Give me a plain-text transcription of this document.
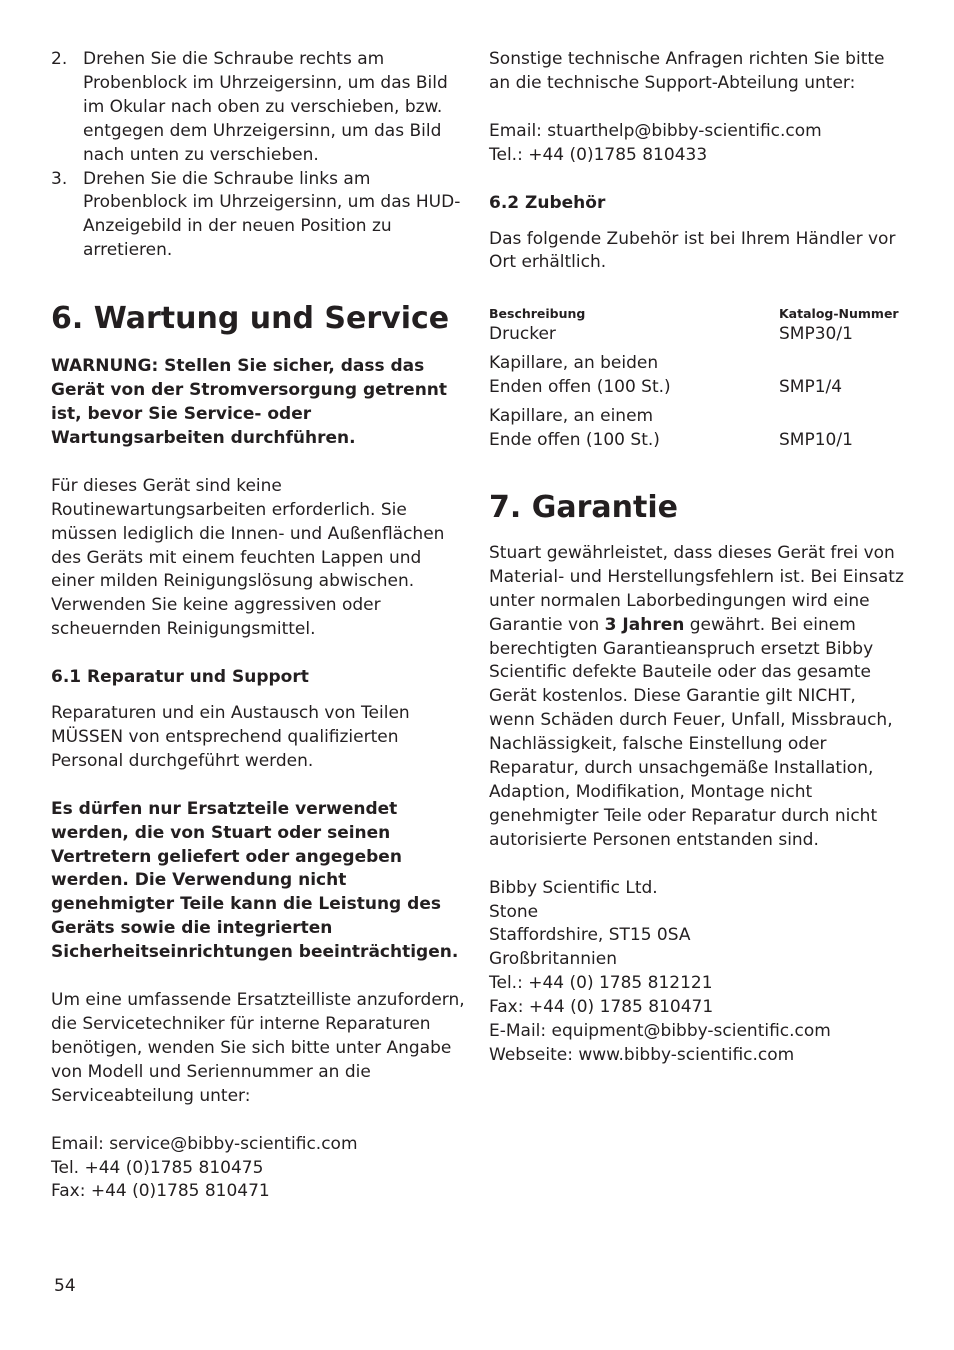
2. Drehen Sie die Schraube rechts am Probenblock im Uhrzeigersinn, um das Bild im Okular nach oben zu verschieben, bzw. entgegen dem Uhrzeigersinn, um das Bild nach unten zu verschieben.
3. Drehen Sie die Schraube links am Probenblock im Uhrzeigersinn, um das HUD-Anzeigebild in der neuen Position zu arretieren.
6. Wartung und Service

WARNUNG: Stellen Sie sicher, dass das Gerät von der Stromversorgung getrennt ist, bevor Sie Service- oder Wartungsarbeiten durchführen.

Für dieses Gerät sind keine Routinewartungsarbeiten erforderlich. Sie müssen lediglich die Innen- und Außenflächen des Geräts mit einem feuchten Lappen und einer milden Reinigungslösung abwischen. Verwenden Sie keine aggressiven oder scheuernden Reinigungsmittel.

6.1 Reparatur und Support

Reparaturen und ein Austausch von Teilen MÜSSEN von entsprechend qualifizierten Personal durchgeführt werden.

Es dürfen nur Ersatzteile verwendet werden, die von Stuart oder seinen Vertretern geliefert oder angegeben werden. Die Verwendung nicht genehmigter Teile kann die Leistung des Geräts sowie die integrierten Sicherheitseinrichtungen beeinträchtigen.

Um eine umfassende Ersatzteilliste anzufordern, die Servicetechniker für interne Reparaturen benötigen, wenden Sie sich bitte unter Angabe von Modell und Seriennummer an die Serviceabteilung unter:

Email: service@bibby-scientific.com

Tel. +44 (0)1785 810475

Fax: +44 (0)1785 810471

Sonstige technische Anfragen richten Sie bitte an die technische Support-Abteilung unter:

Email: stuarthelp@bibby-scientific.com

Tel.: +44 (0)1785 810433

6.2 Zubehör

Das folgende Zubehör ist bei Ihrem Händler vor Ort erhältlich.

Beschreibung	Katalog-Nummer
Drucker	SMP30/1
Kapillare, an beiden
Enden offen (100 St.)	SMP1/4
Kapillare, an einem
Ende offen (100 St.)	SMP10/1
7. Garantie

Stuart gewährleistet, dass dieses Gerät frei von Material- und Herstellungsfehlern ist. Bei Einsatz unter normalen Laborbedingungen wird eine Garantie von 3 Jahren gewährt. Bei einem berechtigten Garantieanspruch ersetzt Bibby Scientific defekte Bauteile oder das gesamte Gerät kostenlos. Diese Garantie gilt NICHT, wenn Schäden durch Feuer, Unfall, Missbrauch, Nachlässigkeit, falsche Einstellung oder Reparatur, durch unsachgemäße Installation, Adaption, Modifikation, Montage nicht genehmigter Teile oder Reparatur durch nicht autorisierte Personen entstanden sind.

Bibby Scientific Ltd.

Stone

Staffordshire, ST15 0SA

Großbritannien

Tel.: +44 (0) 1785 812121

Fax: +44 (0) 1785 810471

E-Mail: equipment@bibby-scientific.com

Webseite: www.bibby-scientific.com

54
